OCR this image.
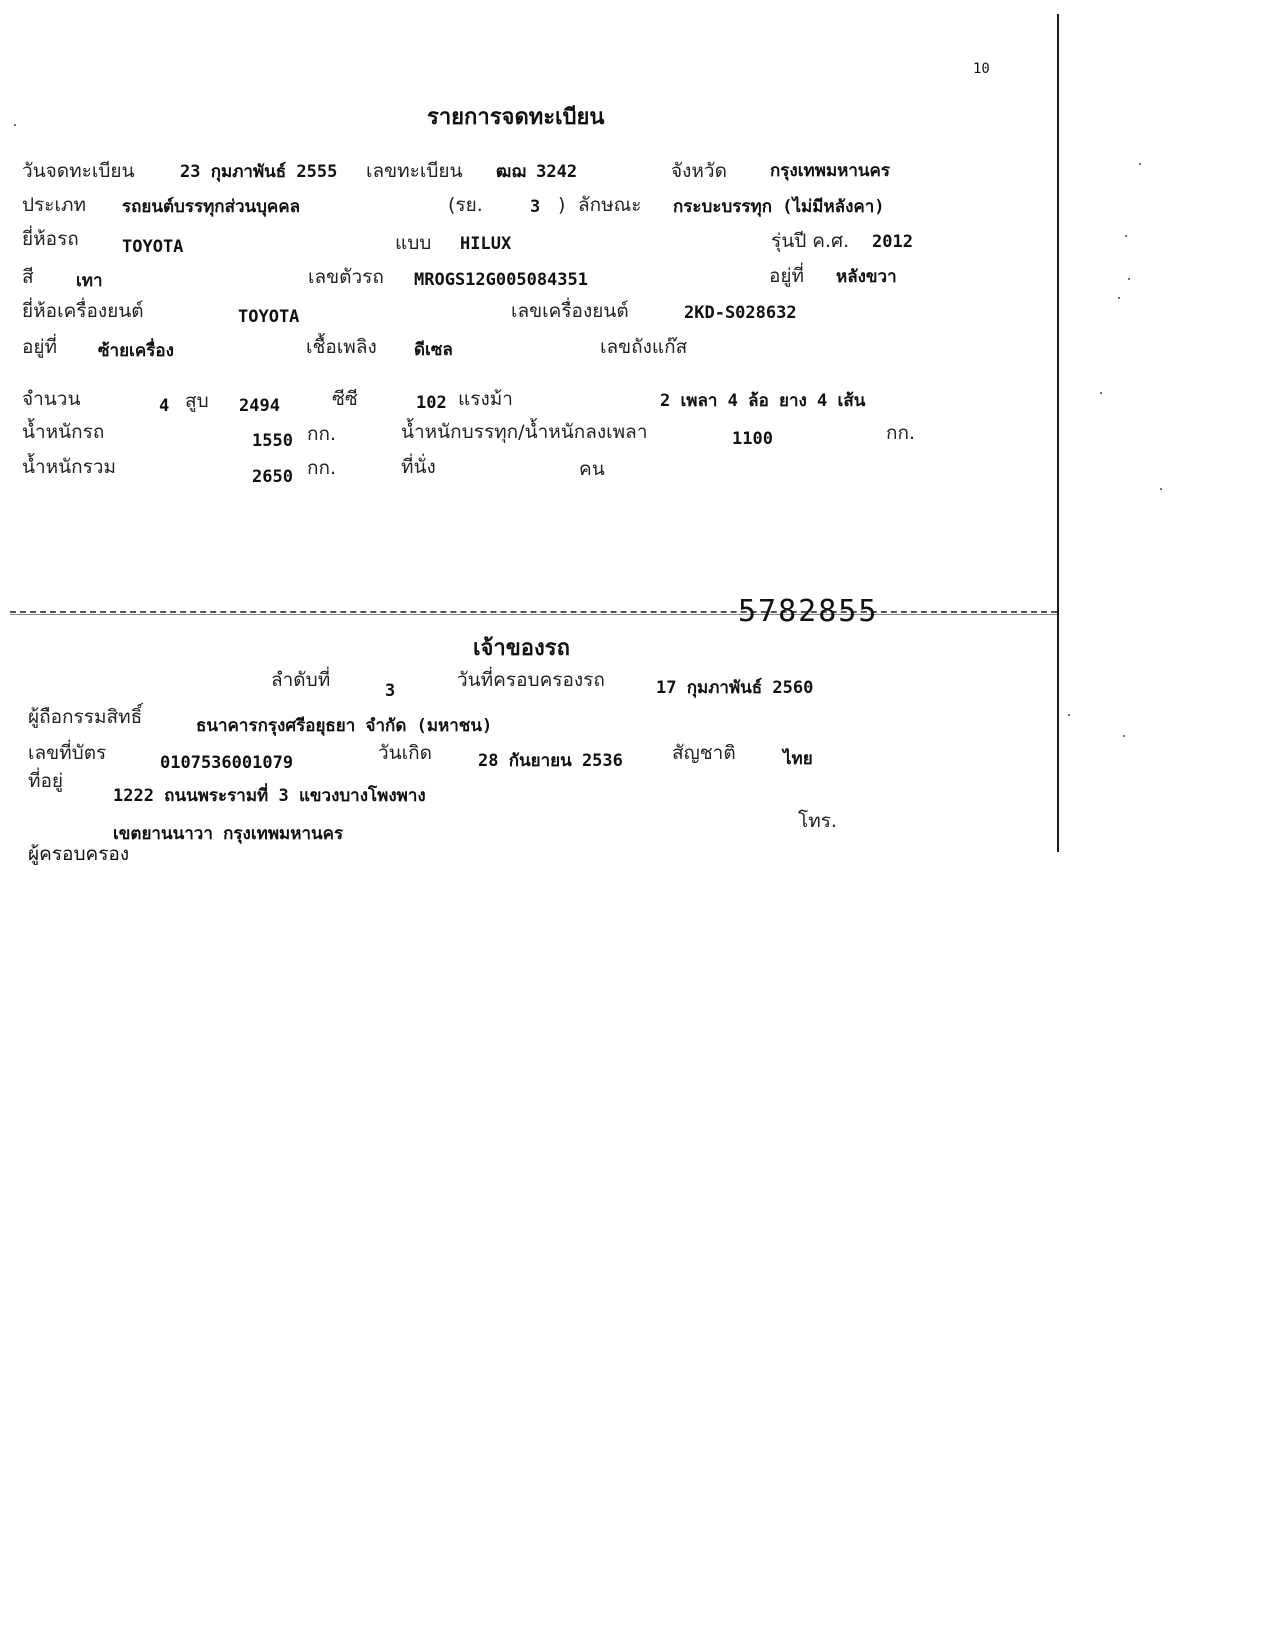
10
รายการจดทะเบียน
วันจดทะเบียน	23 กุมภาพันธ์ 2555 เลขทะเบียน ฒฌ 3242	จังหวัด	กรุงเทพมหานคร
ประเภท รถยนต์บรรทุกส่วนบุคคล	(รย.	3 ) ลักษณะ กระบะบรรทุก (ไม่มีหลังคา)
ยี่ห้อรถ	TOYOTA	แบบ HILUX	รุ่นปี ค.ศ. 2012
สี เทา	เลขตัวรถ MROGS12G005084351	อยู่ที่ หลังขวา
ยี่ห้อเครื่องยนต์	TOYOTA	เลขเครื่องยนต์	2KD-S028632
อยู่ที่ ซ้ายเครื่อง	เชื้อเพลิง ดีเซล	เลขถังแก๊ส
จำนวน	4 สูบ 2494	ซีซี	102 แรงม้า	2 เพลา 4 ล้อ ยาง 4 เส้น
น้ำหนักรถ	1550 กก.	น้ำหนักบรรทุก/น้ำหนักลงเพลา	1100	กก.
น้ำหนักรวม	2650 กก.	ที่นั่ง	คน
5782855
เจ้าของรถ
ลำดับที่	3	วันที่ครอบครองรถ	17 กุมภาพันธ์ 2560
ผู้ถือกรรมสิทธิ์	ธนาคารกรุงศรีอยุธยา จำกัด (มหาชน)
เลขที่บัตร	0107536001079	วันเกิด	28 กันยายน 2536	สัญชาติ	ไทย
ที่อยู่
1222 ถนนพระรามที่ 3 แขวงบางโพงพาง
โทร.
เขตยานนาวา กรุงเทพมหานคร
ผู้ครอบครอง
